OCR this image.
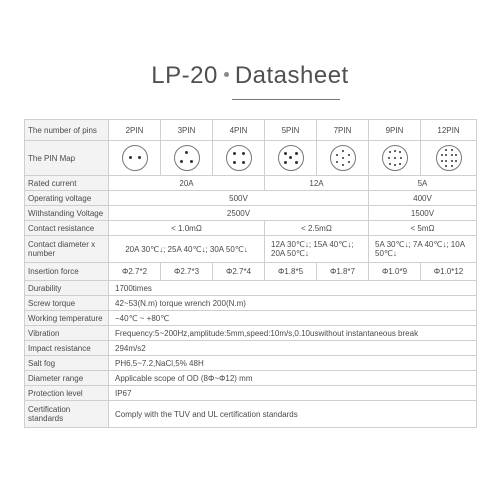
LP-20 Datasheet
The number of pins	2PIN	3PIN	4PIN	5PIN	7PIN	9PIN	12PIN
The PIN Map	

Rated current	20A			12A		5A	
Operating voltage	500V					400V	
Withstanding Voltage	2500V					1500V	
Contact resistance	< 1.0mΩ			< 2.5mΩ		< 5mΩ	
Contact diameter x number	20A 30℃↓; 25A 40℃↓; 30A 50℃↓			12A 30℃↓; 15A 40℃↓; 20A 50℃↓		5A 30℃↓; 7A 40℃↓; 10A 50℃↓	
Insertion force	Φ2.7*2	Φ2.7*3	Φ2.7*4	Φ1.8*5	Φ1.8*7	Φ1.0*9	Φ1.0*12
Durability	1700times						
Screw torque	42~53(N.m) torque wrench 200(N.m)						
Working temperature	−40℃ ~ +80℃						
Vibration	Frequency:5~200Hz,amplitude:5mm,speed:10m/s,0.10uswithout instantaneous break						
Impact resistance	294m/s2						
Salt fog	PH6.5~7.2,NaCl,5% 48H						
Diameter range	Applicable scope of OD (8Φ~Φ12) mm						
Protection level	IP67						
Certification standards	Comply with the TUV and UL certification standards						
